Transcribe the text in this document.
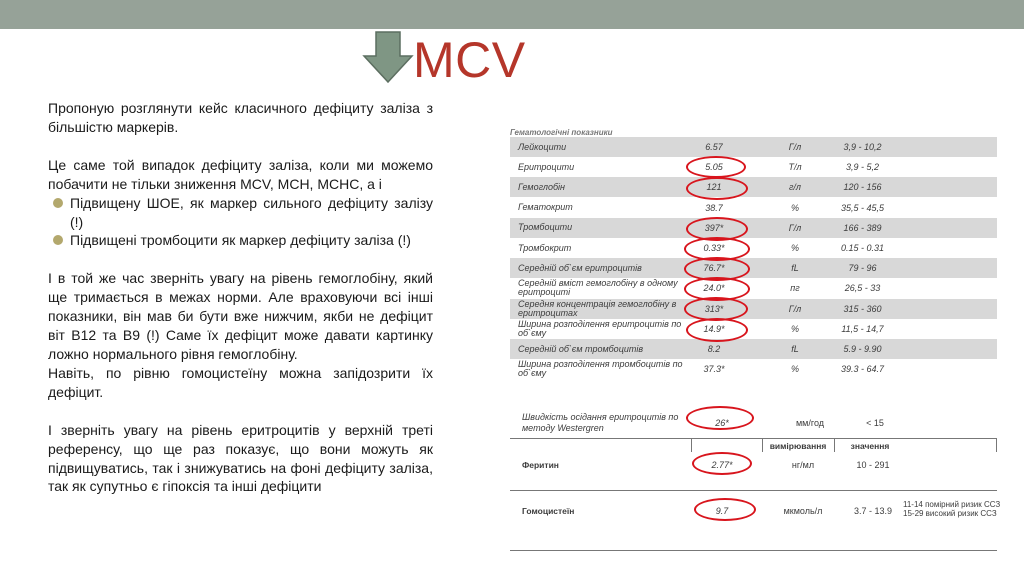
MCV

Пропоную розглянути кейс класичного дефіциту заліза з більшістю маркерів.

Це саме той випадок дефіциту заліза, коли ми можемо побачити не тільки зниження MCV, MCH, MCHC, а і

Підвищену ШОЕ, як маркер сильного дефіциту залізу (!)
Підвищені тромбоцити як маркер дефіциту заліза (!)

І в той же час зверніть увагу на рівень гемоглобіну, який ще тримається в межах норми. Але враховуючи всі інші показники, він мав би бути вже нижчим, якби не дефіцит віт В12 та В9 (!) Саме їх дефіцит може давати картинку ложно нормального рівня гемоглобіну.

Навіть, по рівню гомоцистеїну можна запідозрити їх дефіцит.

І зверніть увагу на рівень еритроцитів у верхній треті референсу, що ще раз показує, що вони можуть як підвищуватись, так і знижуватись на фоні дефіциту заліза, так як супутньо є гіпоксія та інші дефіцити

Гематологічні показники
Лейкоцити	6.57	Г/л	3,9 - 10,2
Еритроцити	5.05	Т/л	3,9 - 5,2
Гемоглобін	121	г/л	120 - 156
Гематокрит	38.7	%	35,5 - 45,5
Тромбоцити	397*	Г/л	166 - 389
Тромбокрит	0.33*	%	0.15 - 0.31
Середній об`єм еритроцитів	76.7*	fL	79 - 96
Середній вміст гемоглобіну в одному еритроциті	24.0*	пг	26,5 - 33
Середня концентрація гемоглобіну в еритроцитах	313*	Г/л	315 - 360
Ширина розподілення еритроцитів по об`єму	14.9*	%	11,5 - 14,7
Середній об`єм тромбоцитів	8.2	fL	5.9 - 9.90
Ширина розподілення тромбоцитів по об`єму	37.3*	%	39.3 - 64.7
Швидкість осідання еритроцитів по методу Westergren	26*	мм/год	< 15
вимірювання	значення
Феритин	2.77*	нг/мл	10 - 291
Гомоцистеїн	9.7	мкмоль/л	3.7 - 13.9
11-14 помірний ризик ССЗ 15-29 високий ризик ССЗ
